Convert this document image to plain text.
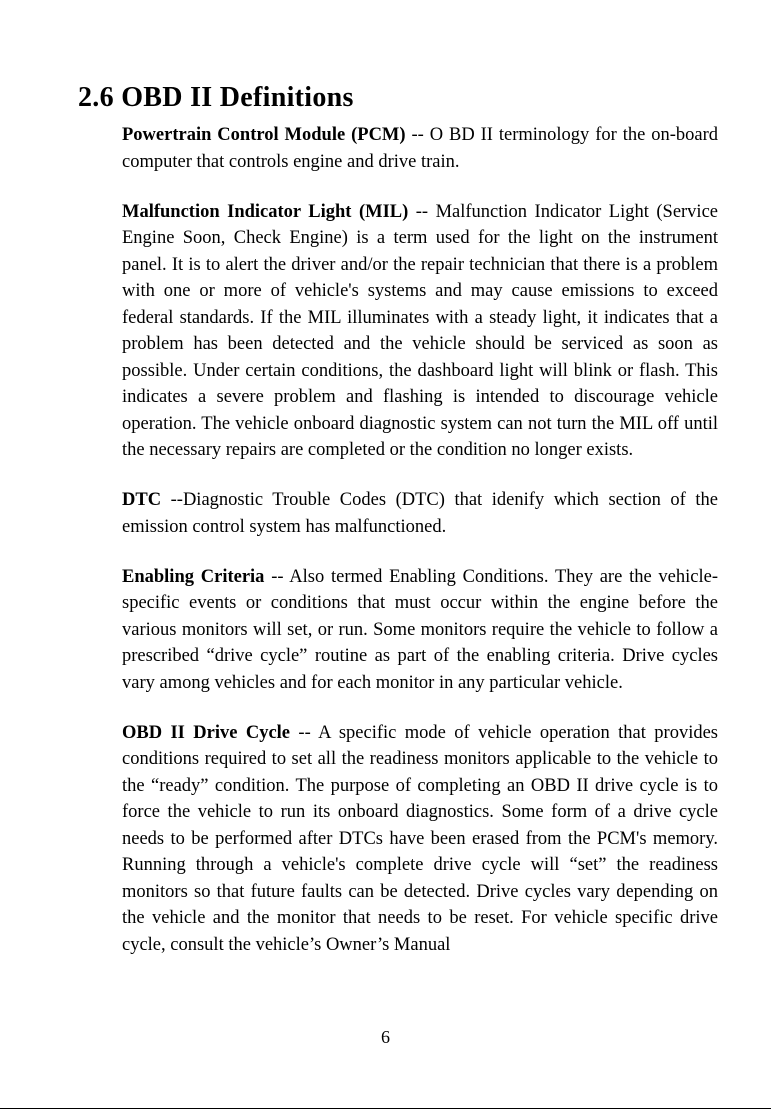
2.6 OBD II Definitions

Powertrain Control Module (PCM) -- O BD II terminology for the on-board computer that controls engine and drive train.

Malfunction Indicator Light (MIL) -- Malfunction Indicator Light (Service Engine Soon, Check Engine) is a term used for the light on the instrument panel. It is to alert the driver and/or the repair technician that there is a problem with one or more of vehicle's systems and may cause emissions to exceed federal standards. If the MIL illuminates with a steady light, it indicates that a problem has been detected and the vehicle should be serviced as soon as possible. Under certain conditions, the dashboard light will blink or flash. This indicates a severe problem and flashing is intended to discourage vehicle operation. The vehicle onboard diagnostic system can not turn the MIL off until the necessary repairs are completed or the condition no longer exists.

DTC --Diagnostic Trouble Codes (DTC) that idenify which section of the emission control system has malfunctioned.

Enabling Criteria -- Also termed Enabling Conditions. They are the vehicle-specific events or conditions that must occur within the engine before the various monitors will set, or run. Some monitors require the vehicle to follow a prescribed “drive cycle” routine as part of the enabling criteria. Drive cycles vary among vehicles and for each monitor in any particular vehicle.

OBD II Drive Cycle -- A specific mode of vehicle operation that provides conditions required to set all the readiness monitors applicable to the vehicle to the “ready” condition. The purpose of completing an OBD II drive cycle is to force the vehicle to run its onboard diagnostics. Some form of a drive cycle needs to be performed after DTCs have been erased from the PCM's memory. Running through a vehicle's complete drive cycle will “set” the readiness monitors so that future faults can be detected. Drive cycles vary depending on the vehicle and the monitor that needs to be reset. For vehicle specific drive cycle, consult the vehicle’s Owner’s Manual

6
